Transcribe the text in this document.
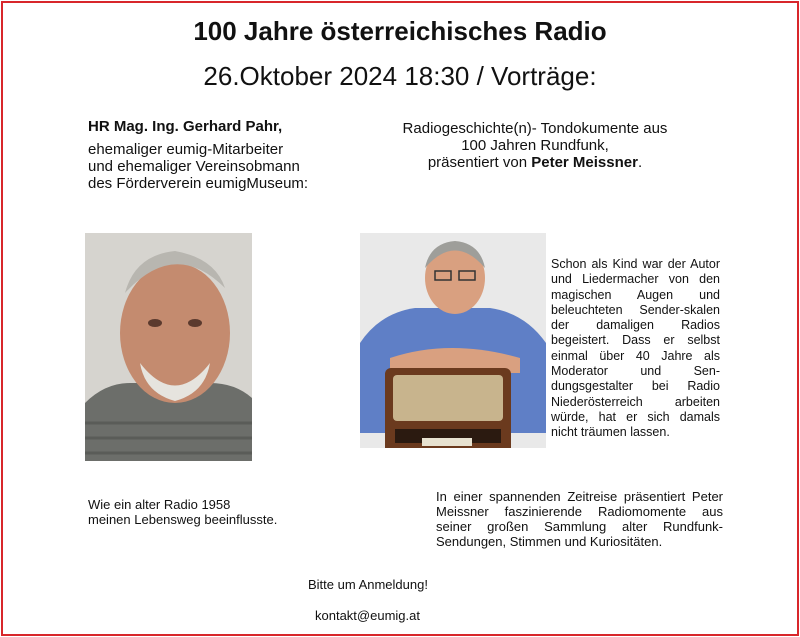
100 Jahre österreichisches Radio
26.Oktober 2024 18:30 / Vorträge:
HR Mag. Ing. Gerhard Pahr,
ehemaliger eumig-Mitarbeiter
und ehemaliger Vereinsobmann
des Förderverein eumigMuseum:
Radiogeschichte(n)- Tondokumente aus
100 Jahren Rundfunk,
präsentiert von Peter Meissner.
Schon als Kind war der Autor und Liedermacher von den magischen Augen und beleuchteten Sender-skalen der damaligen Radios begeistert. Dass er selbst einmal über 40 Jahre als Moderator und Sen-dungsgestalter bei Radio Niederösterreich arbeiten würde, hat er sich damals nicht träumen lassen.
Wie ein alter Radio 1958
meinen Lebensweg beeinflusste.
In einer spannenden Zeitreise präsentiert Peter Meissner faszinierende Radiomomente aus seiner großen Sammlung alter Rundfunk-Sendungen, Stimmen und Kuriositäten.
Bitte um Anmeldung!
kontakt@eumig.at
